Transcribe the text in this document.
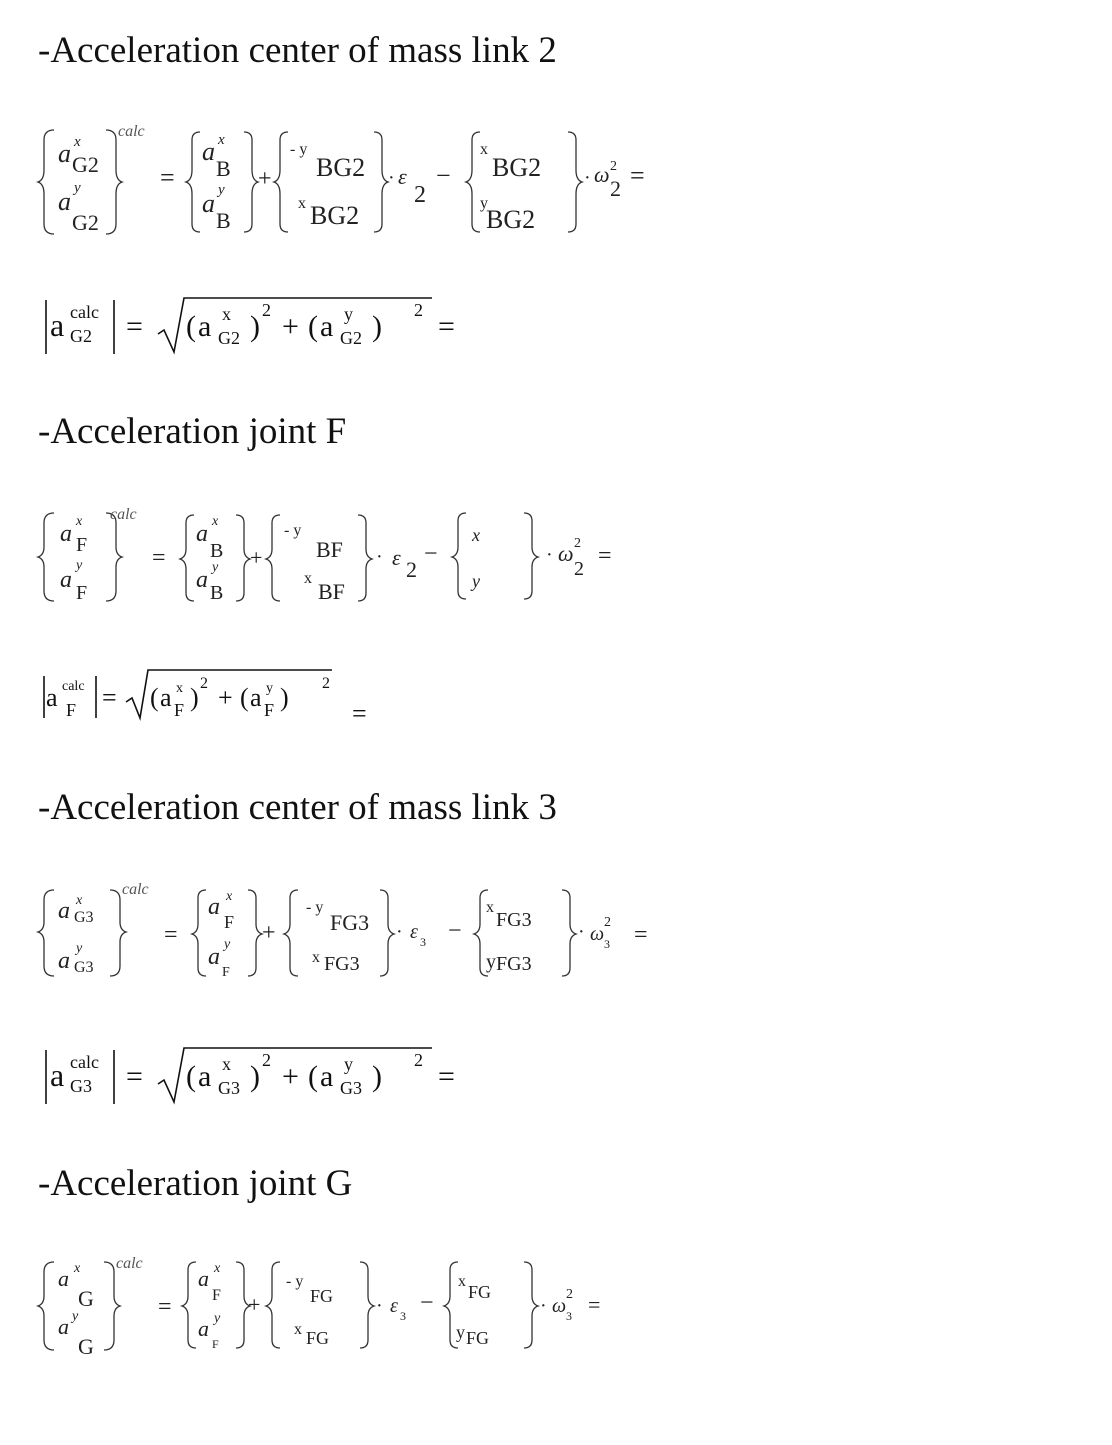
-Acceleration center of mass link 2
a x
G2
a y
G2
calc
=
a x
B
a y
B
+
- y
BG2
x BG2
· ε
2
−
x
BG2
y
BG2
· ω 2
2 =
a calc
G2 = ( a x
G2 ) 2 + ( a y
G2 ) 2 =
-Acceleration joint F
a x
F
a
y
F
calc
=
a x
B
a y
B
+
- y
BF
x
BF
· ε 2
−
x
y
· ω 2
2 =
a calc
F = ( a x
F ) 2 + ( a y
F ) 2
=
-Acceleration center of mass link 3
a x
G3
a y
G3
calc
=
a x
F
a y
F
+
- y
FG3
x FG3
· ε 3 −
x
FG3
y FG3
· ω
2
3 =
a calc
G3 = ( a x
G3 ) 2 + ( a y
G3 ) 2 =
-Acceleration joint G
a x
G
a y
G
calc
=
a x
F
a y
F
+
- y
FG
x FG
· ε 3 −
x
FG
y FG
· ω
2
3 =
